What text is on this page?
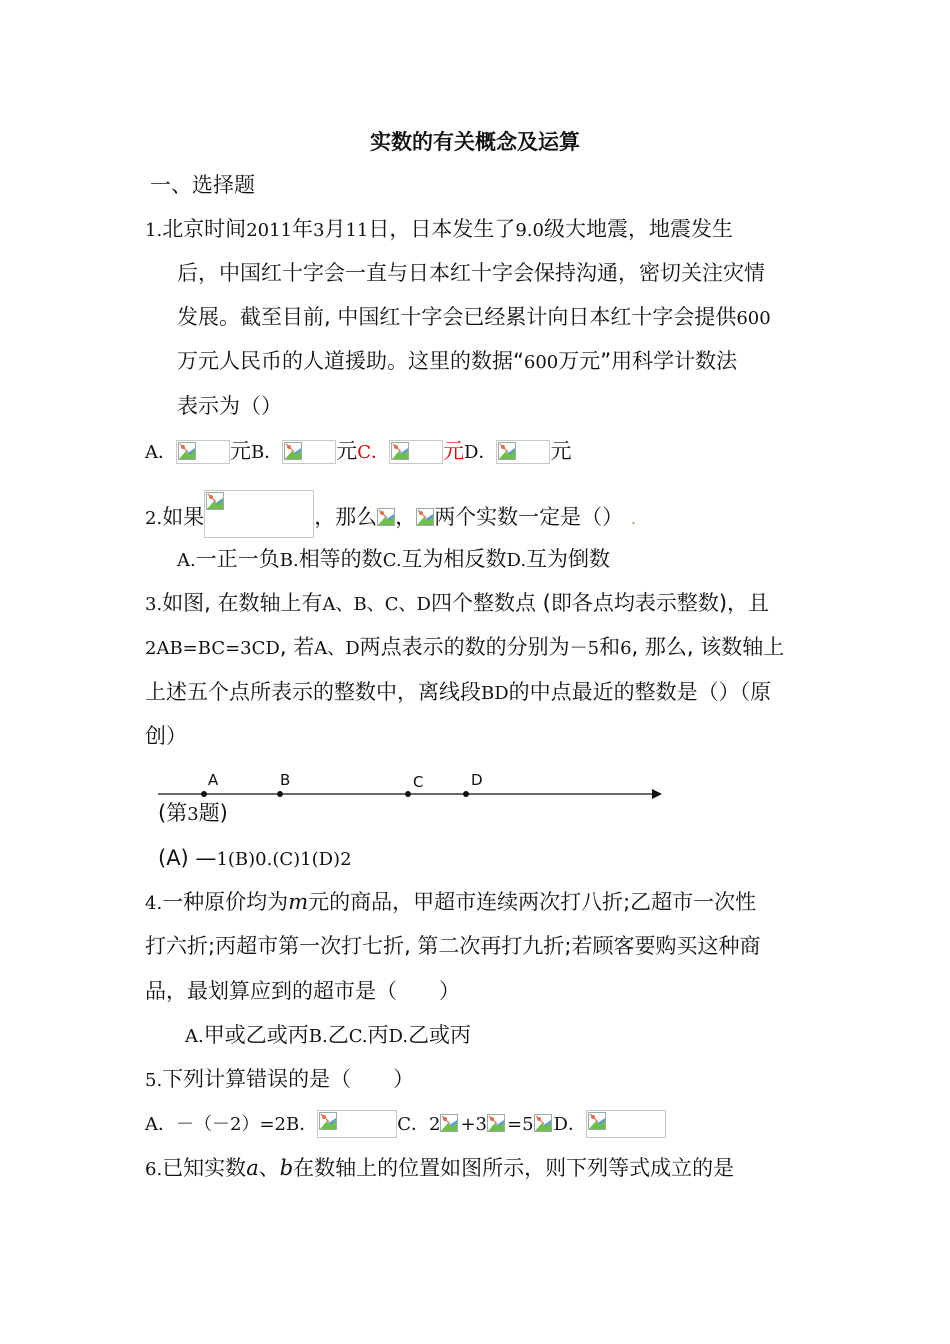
实数的有关概念及运算
一、选择题
1.北京时间2011年3月11日，日本发生了9.0级大地震，地震发生
后，中国红十字会一直与日本红十字会保持沟通，密切关注灾情
发展。截至目前, 中国红十字会已经累计向日本红十字会提供600
万元人民币的人道援助。这里的数据“600万元”用科学计数法
表示为（）
A．	元B．	元C．	元D．	元
2.如果	，那么 ， 两个实数一定是（） .
A.一正一负B.相等的数C.互为相反数D.互为倒数
3.如图, 在数轴上有A、B、C、D四个整数点 (即各点均表示整数)，且
2AB=BC=3CD, 若A、D两点表示的数的分别为－5和6, 那么, 该数轴上
上述五个点所表示的整数中，离线段BD的中点最近的整数是（）（原
创）
A	B	C	D
(第3题)
(A) —1(B)0.(C)1(D)2
4.一种原价均为m元的商品，甲超市连续两次打八折;乙超市一次性
打六折;丙超市第一次打七折, 第二次再打九折;若顾客要购买这种商
品，最划算应到的超市是（　　）
A.甲或乙或丙B.乙C.丙D.乙或丙
5.下列计算错误的是（　　）
A．－（－2）=2B．	C．2 +3 =5 D．
6.已知实数a、b在数轴上的位置如图所示，则下列等式成立的是
